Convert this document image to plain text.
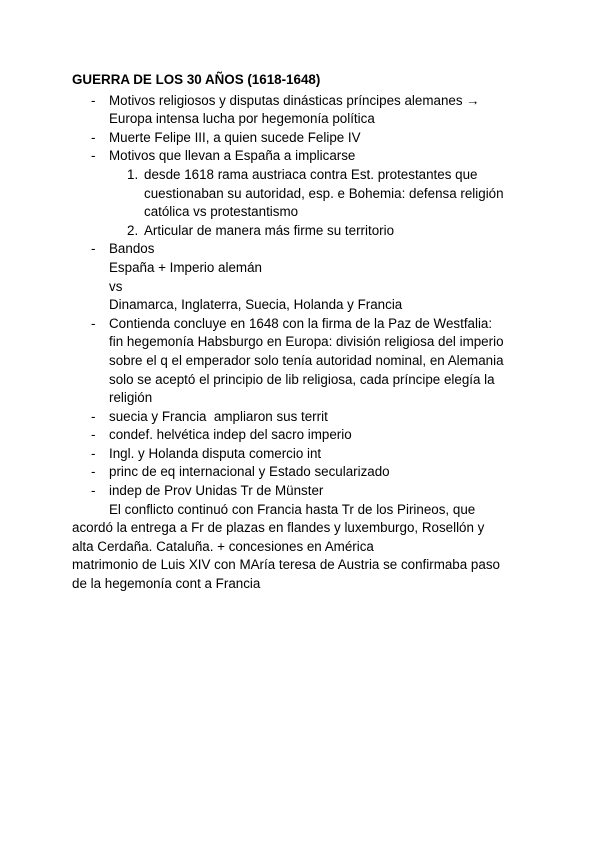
GUERRA DE LOS 30 AÑOS (1618-1648)
- Motivos religiosos y disputas dinásticas príncipes alemanes →
Europa intensa lucha por hegemonía política
- Muerte Felipe III, a quien sucede Felipe IV
- Motivos que llevan a España a implicarse
1. desde 1618 rama austriaca contra Est. protestantes que
cuestionaban su autoridad, esp. e Bohemia: defensa religión
católica vs protestantismo
2. Articular de manera más firme su territorio
- Bandos
España + Imperio alemán
vs
Dinamarca, Inglaterra, Suecia, Holanda y Francia
- Contienda concluye en 1648 con la firma de la Paz de Westfalia:
fin hegemonía Habsburgo en Europa: división religiosa del imperio
sobre el q el emperador solo tenía autoridad nominal, en Alemania
solo se aceptó el principio de lib religiosa, cada príncipe elegía la
religión
- suecia y Francia  ampliaron sus territ
- condef. helvética indep del sacro imperio
- Ingl. y Holanda disputa comercio int
- princ de eq internacional y Estado secularizado
- indep de Prov Unidas Tr de Münster
El conflicto continuó con Francia hasta Tr de los Pirineos, que
acordó la entrega a Fr de plazas en flandes y luxemburgo, Rosellón y
alta Cerdaña. Cataluña. + concesiones en América
matrimonio de Luis XIV con MAría teresa de Austria se confirmaba paso
de la hegemonía cont a Francia
